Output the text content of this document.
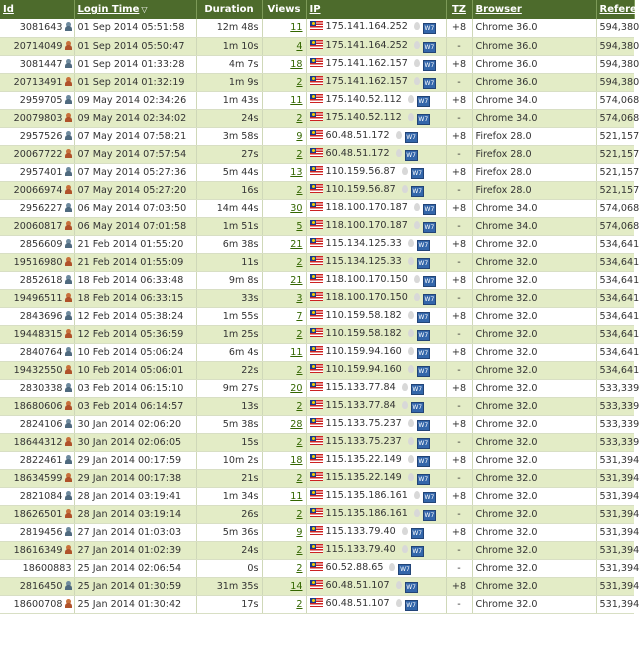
Id	Login Time ▽	Duration	Views	IP	TZ	Browser	Refere
3081643	01 Sep 2014 05:51:58	12m 48s	11	175.141.164.252 W7	+8	Chrome 36.0	594,380
20714049	01 Sep 2014 05:50:47	1m 10s	4	175.141.164.252 W7	-	Chrome 36.0	594,380
3081447	01 Sep 2014 01:33:28	4m 7s	18	175.141.162.157 W7	+8	Chrome 36.0	594,380
20713491	01 Sep 2014 01:32:19	1m 9s	2	175.141.162.157 W7	-	Chrome 36.0	594,380
2959705	09 May 2014 02:34:26	1m 43s	11	175.140.52.112 W7	+8	Chrome 34.0	574,068
20079803	09 May 2014 02:34:02	24s	2	175.140.52.112 W7	-	Chrome 34.0	574,068
2957526	07 May 2014 07:58:21	3m 58s	9	60.48.51.172 W7	+8	Firefox 28.0	521,157
20067722	07 May 2014 07:57:54	27s	2	60.48.51.172 W7	-	Firefox 28.0	521,157
2957401	07 May 2014 05:27:36	5m 44s	13	110.159.56.87 W7	+8	Firefox 28.0	521,157
20066974	07 May 2014 05:27:20	16s	2	110.159.56.87 W7	-	Firefox 28.0	521,157
2956227	06 May 2014 07:03:50	14m 44s	30	118.100.170.187 W7	+8	Chrome 34.0	574,068
20060817	06 May 2014 07:01:58	1m 51s	5	118.100.170.187 W7	-	Chrome 34.0	574,068
2856609	21 Feb 2014 01:55:20	6m 38s	21	115.134.125.33 W7	+8	Chrome 32.0	534,641
19516980	21 Feb 2014 01:55:09	11s	2	115.134.125.33 W7	-	Chrome 32.0	534,641
2852618	18 Feb 2014 06:33:48	9m 8s	21	118.100.170.150 W7	+8	Chrome 32.0	534,641
19496511	18 Feb 2014 06:33:15	33s	3	118.100.170.150 W7	-	Chrome 32.0	534,641
2843696	12 Feb 2014 05:38:24	1m 55s	7	110.159.58.182 W7	+8	Chrome 32.0	534,641
19448315	12 Feb 2014 05:36:59	1m 25s	2	110.159.58.182 W7	-	Chrome 32.0	534,641
2840764	10 Feb 2014 05:06:24	6m 4s	11	110.159.94.160 W7	+8	Chrome 32.0	534,641
19432550	10 Feb 2014 05:06:01	22s	2	110.159.94.160 W7	-	Chrome 32.0	534,641
2830338	03 Feb 2014 06:15:10	9m 27s	20	115.133.77.84 W7	+8	Chrome 32.0	533,339
18680606	03 Feb 2014 06:14:57	13s	2	115.133.77.84 W7	-	Chrome 32.0	533,339
2824106	30 Jan 2014 02:06:20	5m 38s	28	115.133.75.237 W7	+8	Chrome 32.0	533,339
18644312	30 Jan 2014 02:06:05	15s	2	115.133.75.237 W7	-	Chrome 32.0	533,339
2822461	29 Jan 2014 00:17:59	10m 2s	18	115.135.22.149 W7	+8	Chrome 32.0	531,394
18634599	29 Jan 2014 00:17:38	21s	2	115.135.22.149 W7	-	Chrome 32.0	531,394
2821084	28 Jan 2014 03:19:41	1m 34s	11	115.135.186.161 W7	+8	Chrome 32.0	531,394
18626501	28 Jan 2014 03:19:14	26s	2	115.135.186.161 W7	-	Chrome 32.0	531,394
2819456	27 Jan 2014 01:03:03	5m 36s	9	115.133.79.40 W7	+8	Chrome 32.0	531,394
18616349	27 Jan 2014 01:02:39	24s	2	115.133.79.40 W7	-	Chrome 32.0	531,394
18600883	25 Jan 2014 02:06:54	0s	2	60.52.88.65 W7	-	Chrome 32.0	531,394
2816450	25 Jan 2014 01:30:59	31m 35s	14	60.48.51.107 W7	+8	Chrome 32.0	531,394
18600708	25 Jan 2014 01:30:42	17s	2	60.48.51.107 W7	-	Chrome 32.0	531,394
